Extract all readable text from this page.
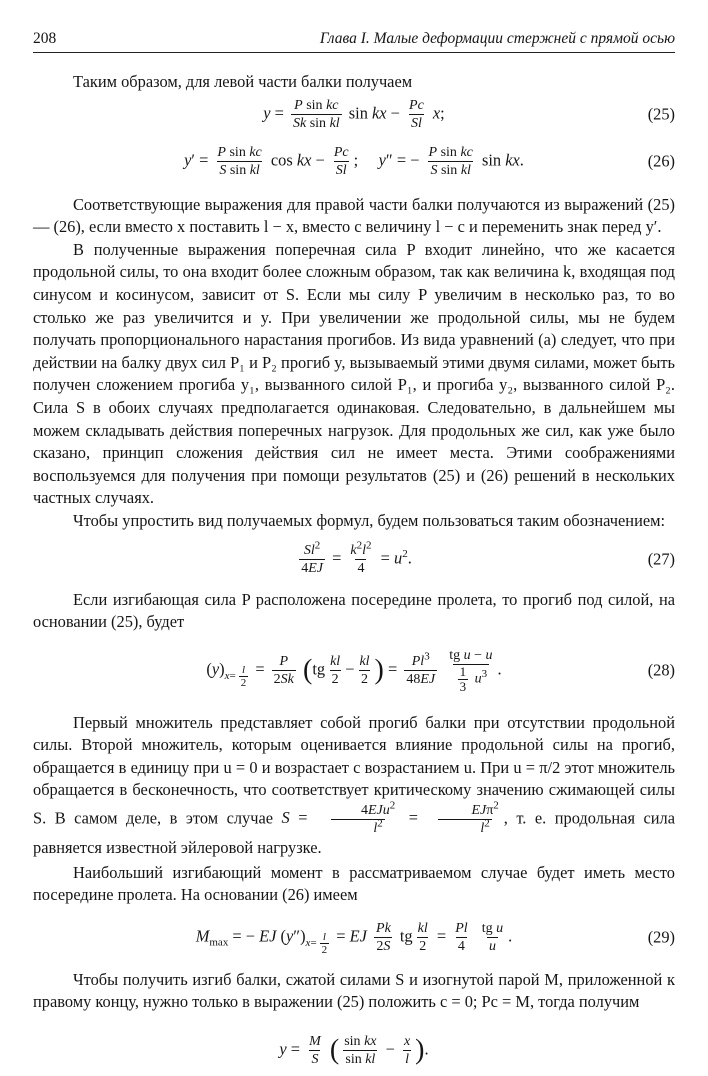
208	Глава I. Малые деформации стержней с прямой осью

Таким образом, для левой части балки получаем

$y = \frac{\text{P sin kc}}{\text{Sk sin kl}}$ sin kx − $\frac{Pc}{Sl} x$;	(25)
$y' = \frac{\text{P sin kc}}{\text{S sin kl}}$ cos kx − $\frac{Pc}{Sl}$ ;     y″ = − $\frac{\text{P sin kc}}{\text{S sin kl}}$ sin kx.	(26)

Соответствующие выражения для правой части балки получаются из выражений (25) — (26), если вместо x поставить l − x, вместо c величину l − c и переменить знак перед y′.

В полученные выражения поперечная сила P входит линейно, что же касается продольной силы, то она входит более сложным образом, так как величина k, входящая под синусом и косинусом, зависит от S. Если мы силу P увеличим в несколько раз, то во столько же раз увеличится и y. При увеличении же продольной силы, мы не будем получать пропорционального нарастания прогибов. Из вида уравнений (а) следует, что при действии на балку двух сил P₁ и P₂ прогиб y, вызываемый этими двумя силами, может быть получен сложением прогиба y₁, вызванного силой P₁, и прогиба y₂, вызванного силой P₂. Сила S в обоих случаях предполагается одинаковая. Следовательно, в дальнейшем мы можем складывать действия поперечных нагрузок. Для продольных же сил, как уже было сказано, принцип сложения действия сил не имеет места. Этими соображениями воспользуемся для получения при помощи результатов (25) и (26) решений в нескольких частных случаях.

Чтобы упростить вид получаемых формул, будем пользоваться таким обозначением:

$\frac{Sl^2}{4EJ} = \frac{k^2l^2}{4} = u^2$.	(27)

Если изгибающая сила P расположена посередине пролета, то прогиб под силой, на основании (25), будет

$(y)_{x= \frac{l}{2}} = \frac{P}{2Sk} (tg \frac{kl}{2} - \frac{kl}{2}$ ) = $\frac{Pl^3}{48EJ}$
$\frac{\text{tg u − u}}{\frac{1}{3} u^3}$ .	(28)

Первый множитель представляет собой прогиб балки при отсутствии продольной силы. Второй множитель, которым оценивается влияние продольной силы на прогиб, обращается в единицу при u = 0 и возрастает с возрастанием u. При u = π/2 этот множитель обращается в бесконечность, что соответствует критическому значению сжимающей силы S. В самом деле, в этом случае $S = \frac{4EJu^2}{l^2} = \frac{EJ\pi^2}{l^2}$ , т. е. продольная сила равняется известной эйлеровой нагрузке.

Наибольший изгибающий момент в рассматриваемом случае будет иметь место посередине пролета. На основании (26) имеем

$M_{max}$ = − EJ $(y'')_{x= \frac{l}{2}}$ = EJ $\frac{Pk}{2S}$ tg $\frac{kl}{2} = \frac{Pl}{4}$
$\frac{\text{tg u}}{u}$ .	(29)

Чтобы получить изгиб балки, сжатой силами S и изогнутой парой M, приложенной к правому концу, нужно только в выражении (25) положить c = 0; Pc = M, тогда получим

$y = \frac{M}{S}$ ( $\frac{\text{sin kx}}{\text{sin kl}} - \frac{x}{l}$ ).
